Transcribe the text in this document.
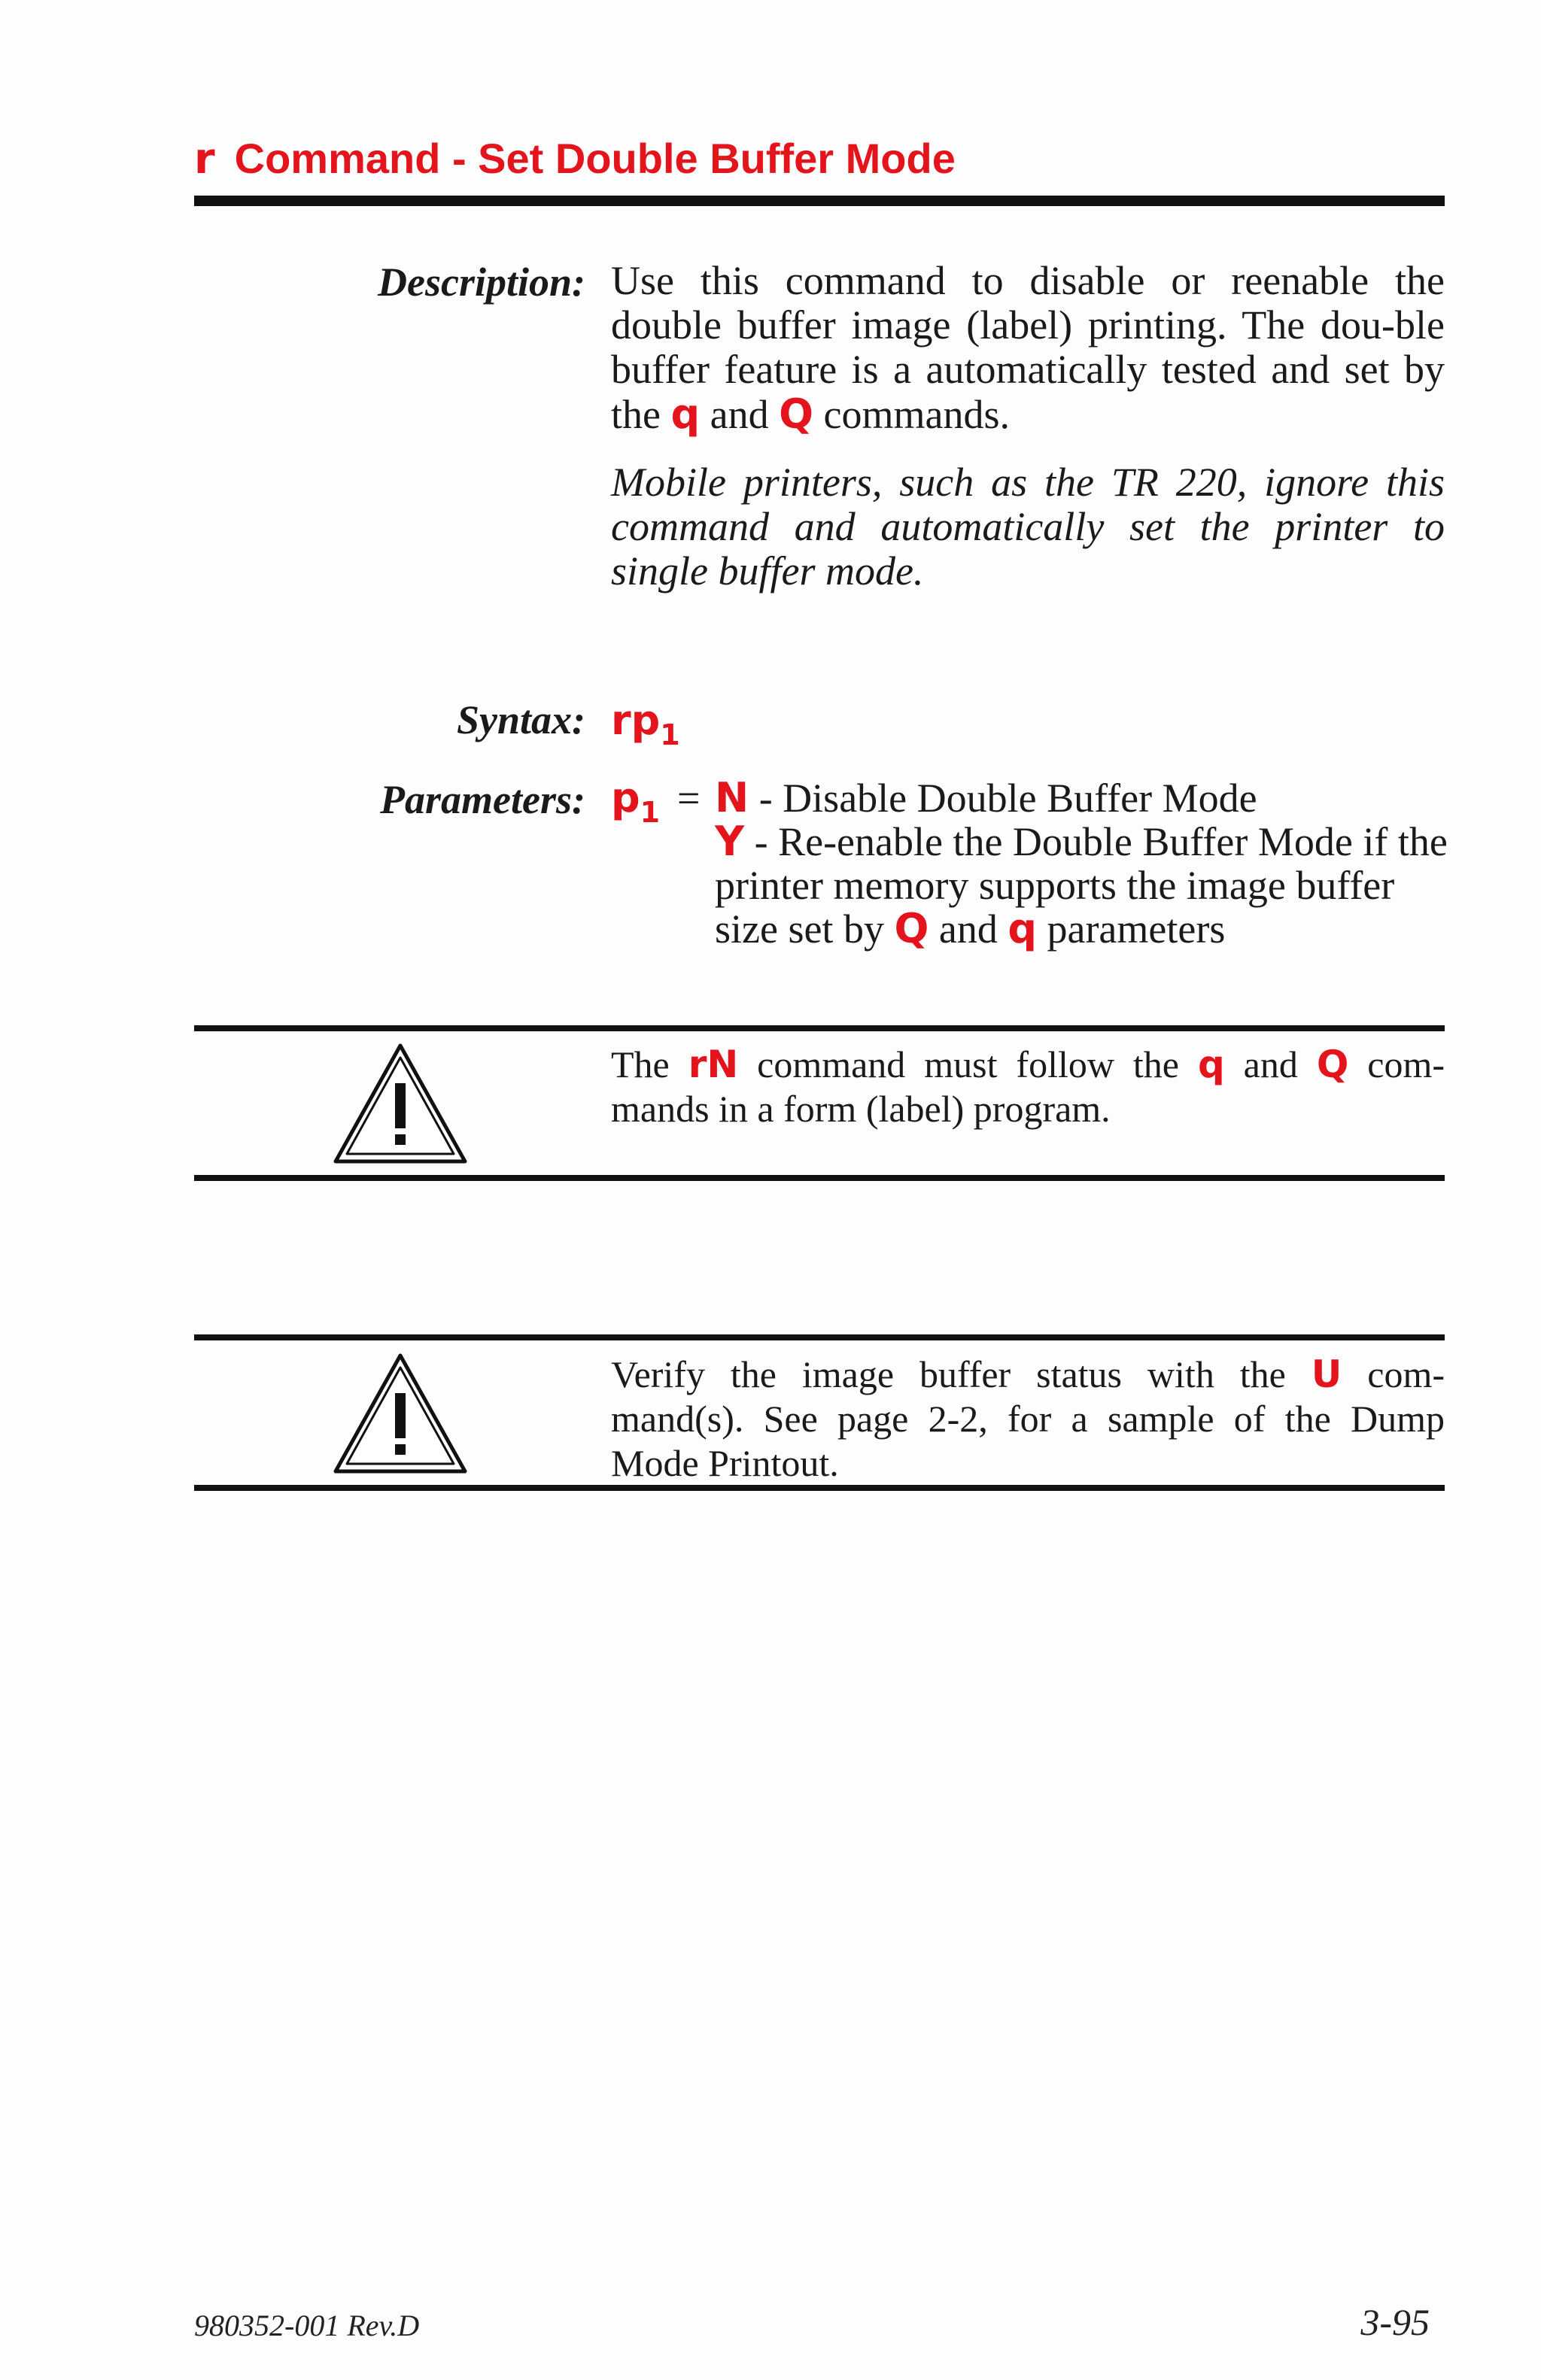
r Command - Set Double Buffer Mode
Description: Use this command to disable or reenable the double buffer image (label) printing. The dou-ble buffer feature is a automatically tested and set by the q and Q commands.
Mobile printers, such as the TR 220, ignore this command and automatically set the printer to single buffer mode.
Syntax: $rp_1$
Parameters: $p_1 = N$ - Disable Double Buffer Mode
Y - Re-enable the Double Buffer Mode if the printer memory supports the image buffer size set by Q and q parameters
The rN command must follow the q and Q com-mands in a form (label) program.
Verify the image buffer status with the U com-mand(s). See page 2-2, for a sample of the Dump Mode Printout.
980352-001 Rev.D	3-95
